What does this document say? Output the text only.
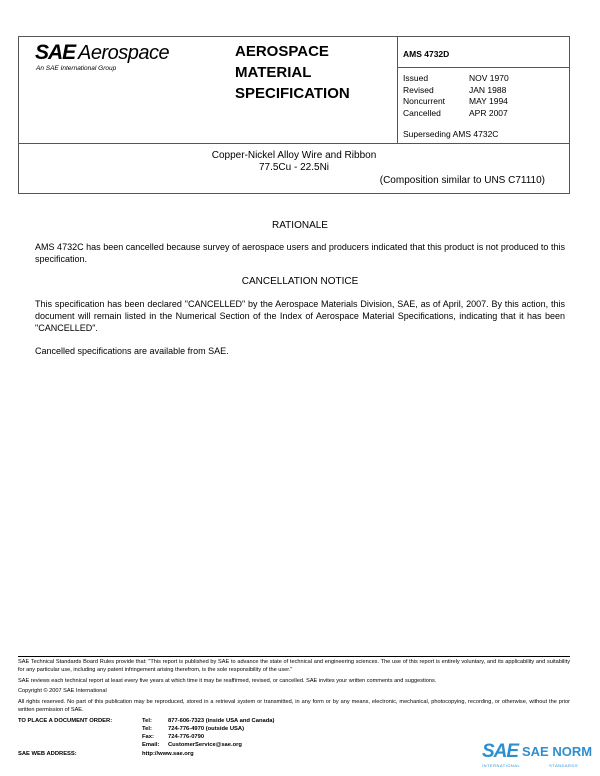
SAE Aerospace
An SAE International Group
AEROSPACE
MATERIAL
SPECIFICATION
AMS 4732D
Issued	NOV 1970
Revised	JAN 1988
Noncurrent	MAY 1994
Cancelled	APR 2007
Superseding AMS 4732C
Copper-Nickel Alloy Wire and Ribbon
77.5Cu - 22.5Ni
(Composition similar to UNS C71110)
RATIONALE
AMS 4732C has been cancelled because survey of aerospace users and producers indicated that this product is not produced to this specification.
CANCELLATION NOTICE
This specification has been declared "CANCELLED" by the Aerospace Materials Division, SAE, as of April, 2007. By this action, this document will remain listed in the Numerical Section of the Index of Aerospace Material Specifications, indicating that it has been "CANCELLED".
Cancelled specifications are available from SAE.
SAE Technical Standards Board Rules provide that: "This report is published by SAE to advance the state of technical and engineering sciences. The use of this report is entirely voluntary, and its applicability and suitability for any particular use, including any patent infringement arising therefrom, is the sole responsibility of the user."
SAE reviews each technical report at least every five years at which time it may be reaffirmed, revised, or cancelled. SAE invites your written comments and suggestions.
Copyright © 2007 SAE International
All rights reserved. No part of this publication may be reproduced, stored in a retrieval system or transmitted, in any form or by any means, electronic, mechanical, photocopying, recording, or otherwise, without the prior written permission of SAE.
TO PLACE A DOCUMENT ORDER:	Tel:	877-606-7323 (inside USA and Canada)
Tel:	724-776-4970 (outside USA)
Fax: 724-776-0790
Email: CustomerService@sae.org
SAE WEB ADDRESS:	http://www.sae.org	SAE SAE NORM
INTERNATIONAL	STANDARDS
